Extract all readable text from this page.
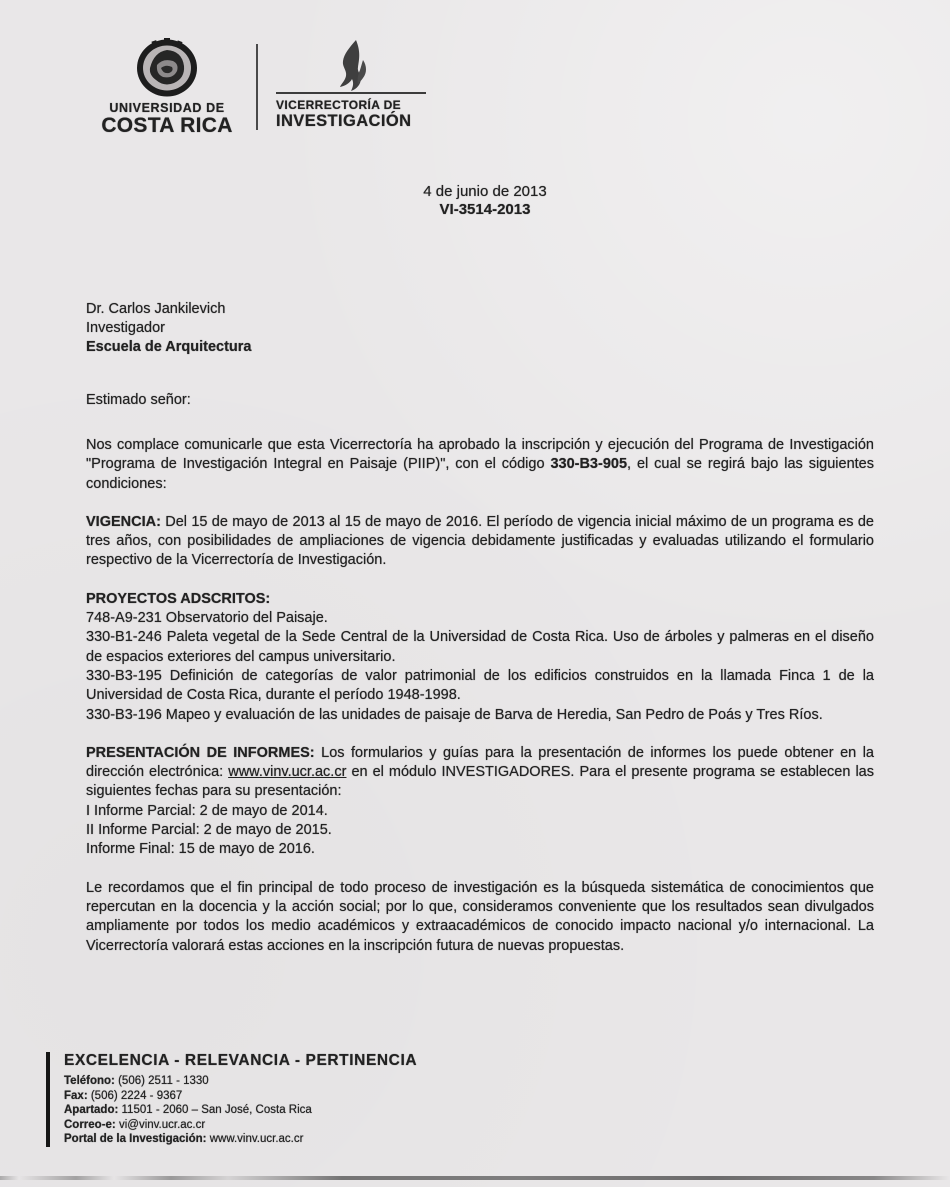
UNIVERSIDAD DE
COSTA RICA
VICERRECTORÍA DE
INVESTIGACIÓN
4 de junio de 2013
VI-3514-2013
Dr. Carlos Jankilevich
Investigador
Escuela de Arquitectura
Estimado señor:

Nos complace comunicarle que esta Vicerrectoría ha aprobado la inscripción y ejecución del Programa de Investigación "Programa de Investigación Integral en Paisaje (PIIP)", con el código 330-B3-905, el cual se regirá bajo las siguientes condiciones:

VIGENCIA: Del 15 de mayo de 2013 al 15 de mayo de 2016. El período de vigencia inicial máximo de un programa es de tres años, con posibilidades de ampliaciones de vigencia debidamente justificadas y evaluadas utilizando el formulario respectivo de la Vicerrectoría de Investigación.

PROYECTOS ADSCRITOS:

748-A9-231 Observatorio del Paisaje.

330-B1-246 Paleta vegetal de la Sede Central de la Universidad de Costa Rica. Uso de árboles y palmeras en el diseño de espacios exteriores del campus universitario.

330-B3-195 Definición de categorías de valor patrimonial de los edificios construidos en la llamada Finca 1 de la Universidad de Costa Rica, durante el período 1948-1998.

330-B3-196 Mapeo y evaluación de las unidades de paisaje de Barva de Heredia, San Pedro de Poás y Tres Ríos.

PRESENTACIÓN DE INFORMES: Los formularios y guías para la presentación de informes los puede obtener en la dirección electrónica: www.vinv.ucr.ac.cr en el módulo INVESTIGADORES. Para el presente programa se establecen las siguientes fechas para su presentación:

I Informe Parcial: 2 de mayo de 2014.

II Informe Parcial: 2 de mayo de 2015.

Informe Final: 15 de mayo de 2016.

Le recordamos que el fin principal de todo proceso de investigación es la búsqueda sistemática de conocimientos que repercutan en la docencia y la acción social; por lo que, consideramos conveniente que los resultados sean divulgados ampliamente por todos los medio académicos y extraacadémicos de conocido impacto nacional y/o internacional. La Vicerrectoría valorará estas acciones en la inscripción futura de nuevas propuestas.

EXCELENCIA - RELEVANCIA - PERTINENCIA
Teléfono: (506) 2511 - 1330
Fax: (506) 2224 - 9367
Apartado: 11501 - 2060 – San José, Costa Rica
Correo-e: vi@vinv.ucr.ac.cr
Portal de la Investigación: www.vinv.ucr.ac.cr
